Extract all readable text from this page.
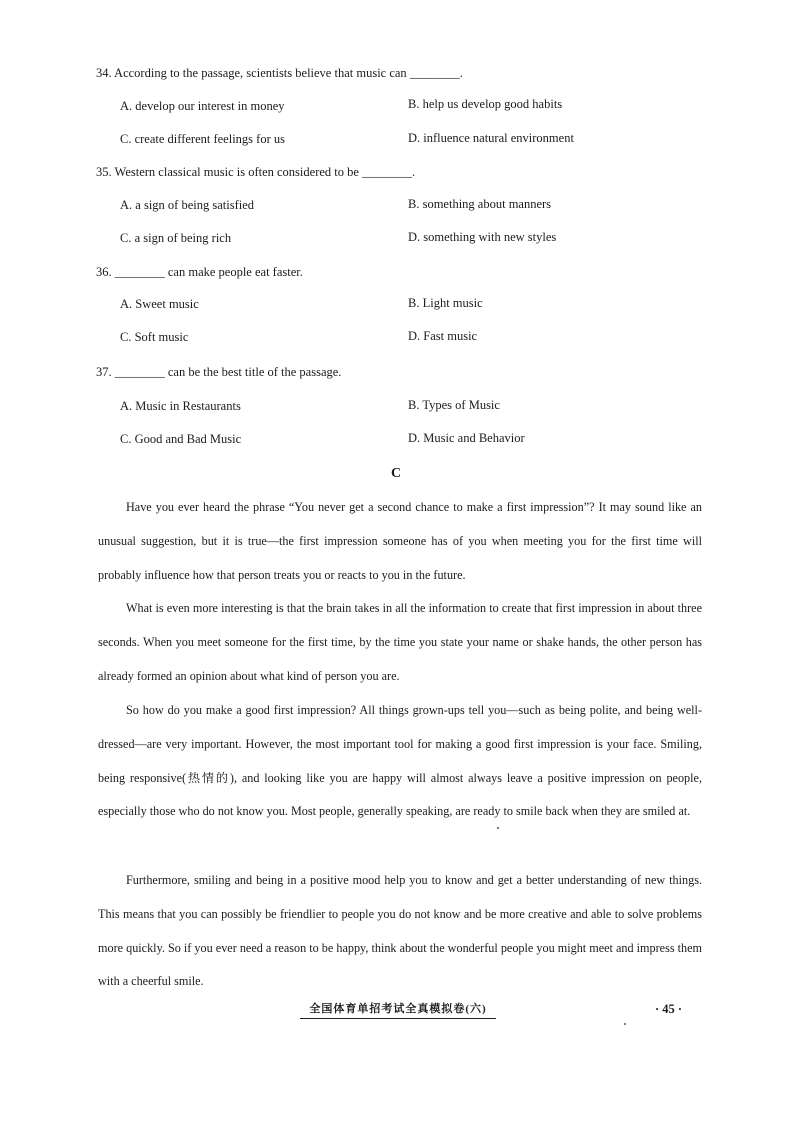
34. According to the passage, scientists believe that music can ________.
A. develop our interest in money	B. help us develop good habits
C. create different feelings for us	D. influence natural environment
35. Western classical music is often considered to be ________.
A. a sign of being satisfied	B. something about manners
C. a sign of being rich	D. something with new styles
36. ________ can make people eat faster.
A. Sweet music	B. Light music
C. Soft music	D. Fast music
37. ________ can be the best title of the passage.
A. Music in Restaurants	B. Types of Music
C. Good and Bad Music	D. Music and Behavior
C
Have you ever heard the phrase “You never get a second chance to make a first impression”? It may sound like an unusual suggestion, but it is true—the first impression someone has of you when meeting you for the first time will probably influence how that person treats you or reacts to you in the future.
What is even more interesting is that the brain takes in all the information to create that first impression in about three seconds. When you meet someone for the first time, by the time you state your name or shake hands, the other person has already formed an opinion about what kind of person you are.
So how do you make a good first impression? All things grown-ups tell you—such as being polite, and being well-dressed—are very important. However, the most important tool for making a good first impression is your face. Smiling, being responsive(热情的), and looking like you are happy will almost always leave a positive impression on people, especially those who do not know you. Most people, generally speaking, are ready to smile back when they are smiled at.
Furthermore, smiling and being in a positive mood help you to know and get a better understanding of new things. This means that you can possibly be friendlier to people you do not know and be more creative and able to solve problems more quickly. So if you ever need a reason to be happy, think about the wonderful people you might meet and impress them with a cheerful smile.
全国体育单招考试全真模拟卷(六)	· 45 ·
